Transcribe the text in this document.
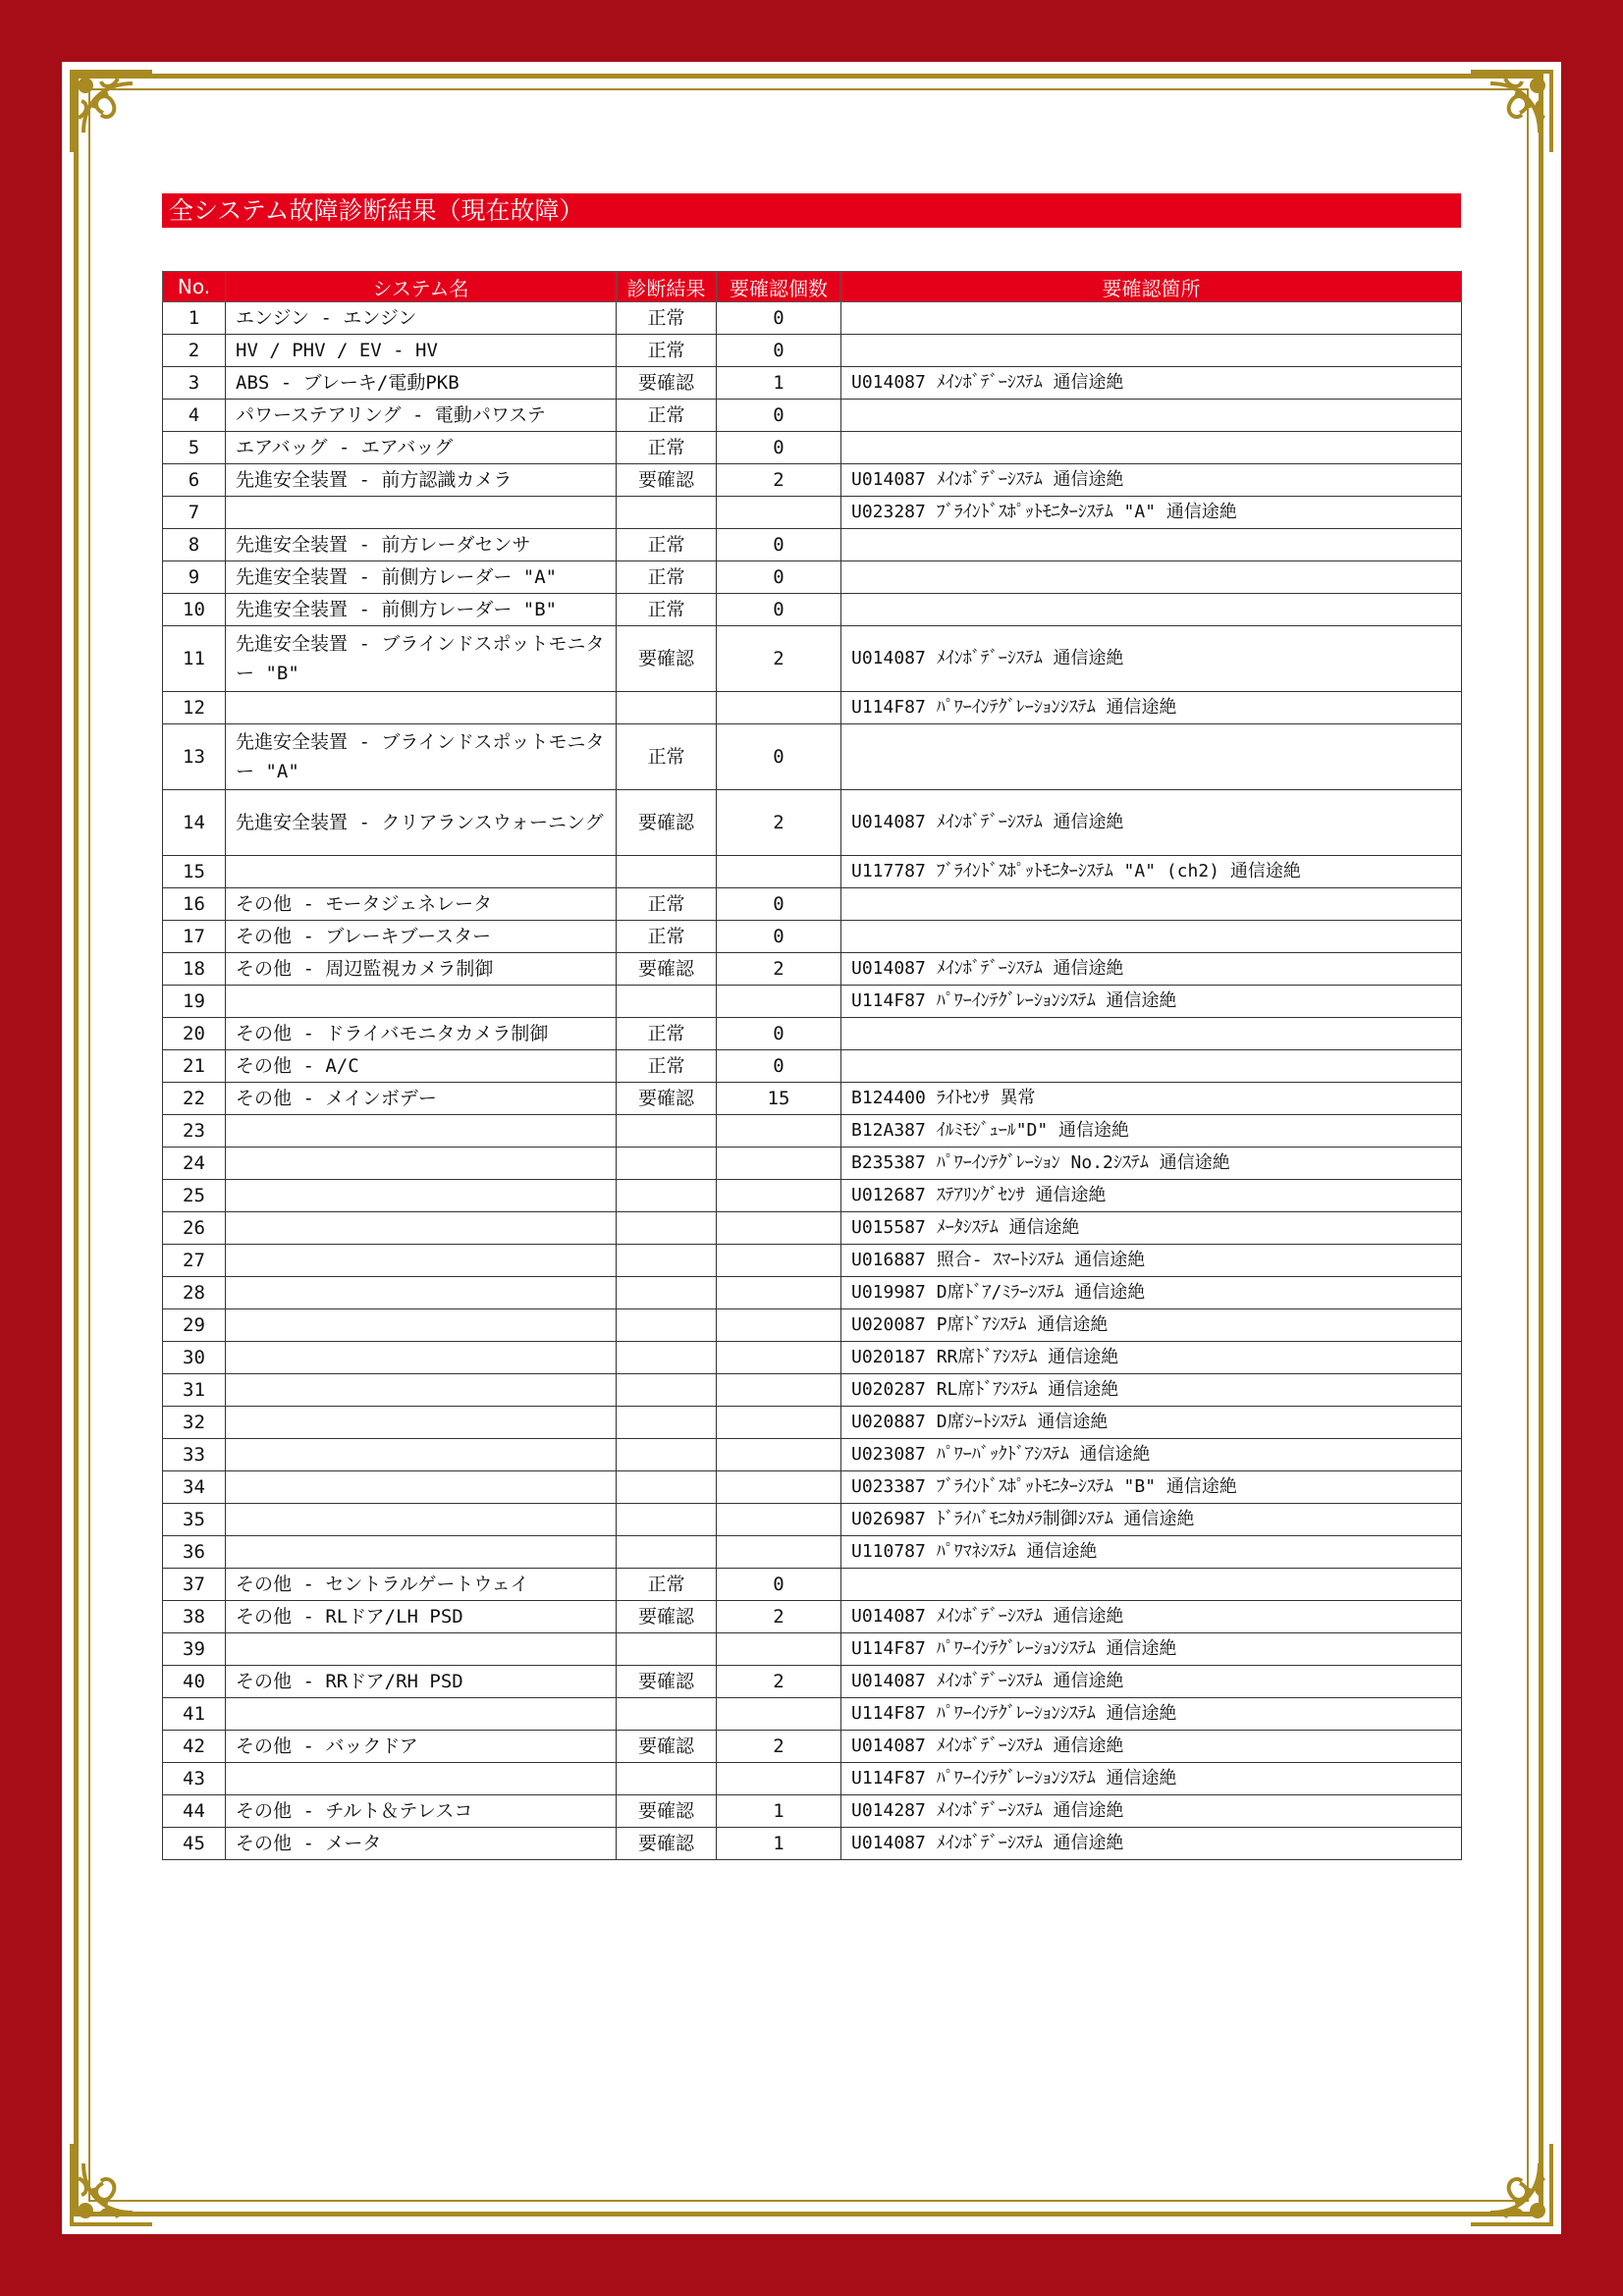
全システム故障診断結果（現在故障）
No.	システム名	診断結果	要確認個数	要確認箇所
1	エンジン - エンジン	正常	0	
2	HV / PHV / EV - HV	正常	0	
3	ABS - ブレーキ/電動PKB	要確認	1	U014087 ﾒｲﾝﾎﾞﾃﾞｰｼｽﾃﾑ 通信途絶
4	パワーステアリング - 電動パワステ	正常	0	
5	エアバッグ - エアバッグ	正常	0	
6	先進安全装置 - 前方認識カメラ	要確認	2	U014087 ﾒｲﾝﾎﾞﾃﾞｰｼｽﾃﾑ 通信途絶
7				U023287 ﾌﾞﾗｲﾝﾄﾞｽﾎﾟｯﾄﾓﾆﾀｰｼｽﾃﾑ "A" 通信途絶
8	先進安全装置 - 前方レーダセンサ	正常	0	
9	先進安全装置 - 前側方レーダー "A"	正常	0	
10	先進安全装置 - 前側方レーダー "B"	正常	0	
11	先進安全装置 - ブラインドスポットモニター "B"	要確認	2	U014087 ﾒｲﾝﾎﾞﾃﾞｰｼｽﾃﾑ 通信途絶
12				U114F87 ﾊﾟﾜｰｲﾝﾃｸﾞﾚｰｼｮﾝｼｽﾃﾑ 通信途絶
13	先進安全装置 - ブラインドスポットモニター "A"	正常	0	
14	先進安全装置 - クリアランスウォーニング	要確認	2	U014087 ﾒｲﾝﾎﾞﾃﾞｰｼｽﾃﾑ 通信途絶
15				U117787 ﾌﾞﾗｲﾝﾄﾞｽﾎﾟｯﾄﾓﾆﾀｰｼｽﾃﾑ "A" (ch2) 通信途絶
16	その他 - モータジェネレータ	正常	0	
17	その他 - ブレーキブースター	正常	0	
18	その他 - 周辺監視カメラ制御	要確認	2	U014087 ﾒｲﾝﾎﾞﾃﾞｰｼｽﾃﾑ 通信途絶
19				U114F87 ﾊﾟﾜｰｲﾝﾃｸﾞﾚｰｼｮﾝｼｽﾃﾑ 通信途絶
20	その他 - ドライバモニタカメラ制御	正常	0	
21	その他 - A/C	正常	0	
22	その他 - メインボデー	要確認	15	B124400 ﾗｲﾄｾﾝｻ 異常
23				B12A387 ｲﾙﾐﾓｼﾞｭｰﾙ"D" 通信途絶
24				B235387 ﾊﾟﾜｰｲﾝﾃｸﾞﾚｰｼｮﾝ No.2ｼｽﾃﾑ 通信途絶
25				U012687 ｽﾃｱﾘﾝｸﾞｾﾝｻ 通信途絶
26				U015587 ﾒｰﾀｼｽﾃﾑ 通信途絶
27				U016887 照合- ｽﾏｰﾄｼｽﾃﾑ 通信途絶
28				U019987 D席ﾄﾞｱ/ﾐﾗｰｼｽﾃﾑ 通信途絶
29				U020087 P席ﾄﾞｱｼｽﾃﾑ 通信途絶
30				U020187 RR席ﾄﾞｱｼｽﾃﾑ 通信途絶
31				U020287 RL席ﾄﾞｱｼｽﾃﾑ 通信途絶
32				U020887 D席ｼｰﾄｼｽﾃﾑ 通信途絶
33				U023087 ﾊﾟﾜｰﾊﾞｯｸﾄﾞｱｼｽﾃﾑ 通信途絶
34				U023387 ﾌﾞﾗｲﾝﾄﾞｽﾎﾟｯﾄﾓﾆﾀｰｼｽﾃﾑ "B" 通信途絶
35				U026987 ﾄﾞﾗｲﾊﾞﾓﾆﾀｶﾒﾗ制御ｼｽﾃﾑ 通信途絶
36				U110787 ﾊﾟﾜﾏﾈｼｽﾃﾑ 通信途絶
37	その他 - セントラルゲートウェイ	正常	0	
38	その他 - RLドア/LH PSD	要確認	2	U014087 ﾒｲﾝﾎﾞﾃﾞｰｼｽﾃﾑ 通信途絶
39				U114F87 ﾊﾟﾜｰｲﾝﾃｸﾞﾚｰｼｮﾝｼｽﾃﾑ 通信途絶
40	その他 - RRドア/RH PSD	要確認	2	U014087 ﾒｲﾝﾎﾞﾃﾞｰｼｽﾃﾑ 通信途絶
41				U114F87 ﾊﾟﾜｰｲﾝﾃｸﾞﾚｰｼｮﾝｼｽﾃﾑ 通信途絶
42	その他 - バックドア	要確認	2	U014087 ﾒｲﾝﾎﾞﾃﾞｰｼｽﾃﾑ 通信途絶
43				U114F87 ﾊﾟﾜｰｲﾝﾃｸﾞﾚｰｼｮﾝｼｽﾃﾑ 通信途絶
44	その他 - チルト＆テレスコ	要確認	1	U014287 ﾒｲﾝﾎﾞﾃﾞｰｼｽﾃﾑ 通信途絶
45	その他 - メータ	要確認	1	U014087 ﾒｲﾝﾎﾞﾃﾞｰｼｽﾃﾑ 通信途絶
